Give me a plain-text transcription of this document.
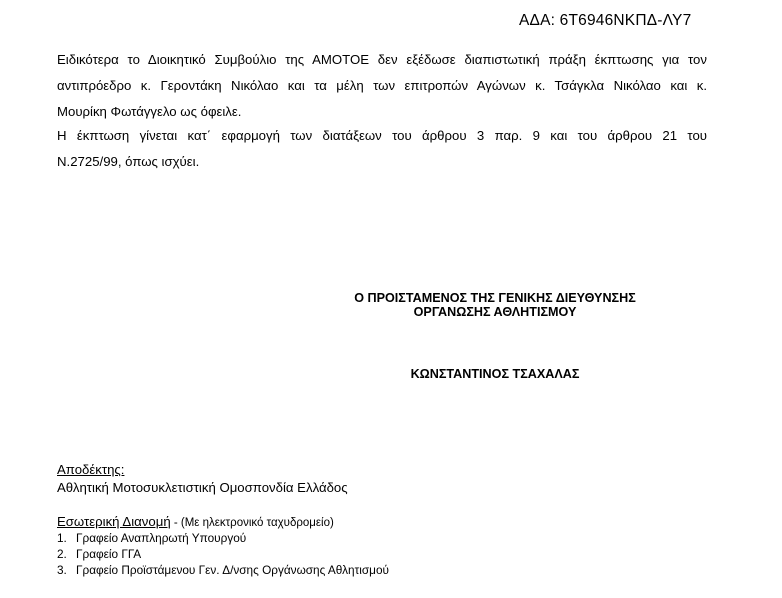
ΑΔΑ: 6Τ6946ΝΚΠΔ-ΛΥ7
Ειδικότερα το Διοικητικό Συμβούλιο της ΑΜΟΤΟΕ δεν εξέδωσε διαπιστωτική πράξη έκπτωσης για τον
αντιπρόεδρο κ. Γεροντάκη Νικόλαο και τα μέλη των επιτροπών Αγώνων κ. Τσάγκλα Νικόλαο και κ.
Μουρίκη Φωτάγγελο ως όφειλε.
Η έκπτωση γίνεται κατ΄ εφαρμογή των διατάξεων του άρθρου 3 παρ. 9 και του άρθρου 21 του
Ν.2725/99, όπως ισχύει.
Ο ΠΡΟΙΣΤΑΜΕΝΟΣ ΤΗΣ ΓΕΝΙΚΗΣ ΔΙΕΥΘΥΝΣΗΣ
ΟΡΓΑΝΩΣΗΣ ΑΘΛΗΤΙΣΜΟΥ
ΚΩΝΣΤΑΝΤΙΝΟΣ ΤΣΑΧΑΛΑΣ
Αποδέκτης:
Αθλητική Μοτοσυκλετιστική Ομοσπονδία Ελλάδος
Εσωτερική Διανομή - (Με ηλεκτρονικό ταχυδρομείο)
1. Γραφείο Αναπληρωτή Υπουργού
2. Γραφείο ΓΓΑ
3. Γραφείο Προϊστάμενου Γεν. Δ/νσης Οργάνωσης Αθλητισμού
